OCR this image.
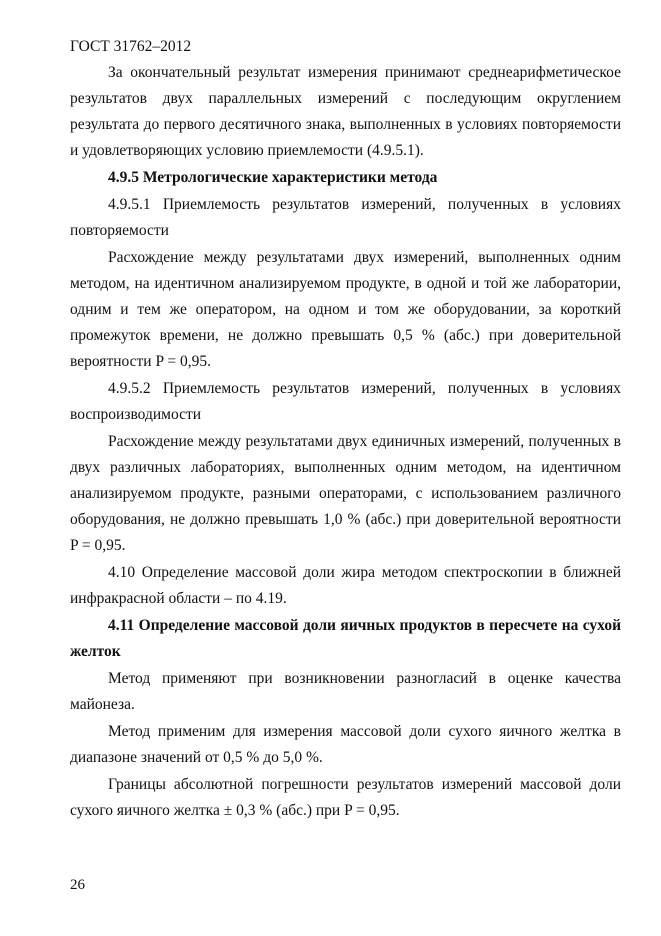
ГОСТ 31762–2012

За окончательный результат измерения принимают среднеарифметическое результатов двух параллельных измерений с последующим округлением результата до первого десятичного знака, выполненных в условиях повторяемости и удовлетворяющих условию приемлемости (4.9.5.1).

4.9.5 Метрологические характеристики метода

4.9.5.1 Приемлемость результатов измерений, полученных в условиях повторяемости

Расхождение между результатами двух измерений, выполненных одним методом, на идентичном анализируемом продукте, в одной и той же лаборатории, одним и тем же оператором, на одном и том же оборудовании, за короткий промежуток времени, не должно превышать 0,5 % (абс.) при доверительной вероятности P = 0,95.

4.9.5.2 Приемлемость результатов измерений, полученных в условиях воспроизводимости

Расхождение между результатами двух единичных измерений, полученных в двух различных лабораториях, выполненных одним методом, на идентичном анализируемом продукте, разными операторами, с использованием различного оборудования, не должно превышать 1,0 % (абс.) при доверительной вероятности P = 0,95.

4.10 Определение массовой доли жира методом спектроскопии в ближней инфракрасной области – по 4.19.

4.11 Определение массовой доли яичных продуктов в пересчете на сухой желток

Метод применяют при возникновении разногласий в оценке качества майонеза.

Метод применим для измерения массовой доли сухого яичного желтка в диапазоне значений от 0,5 % до 5,0 %.

Границы абсолютной погрешности результатов измерений массовой доли сухого яичного желтка ± 0,3 % (абс.) при P = 0,95.

26
